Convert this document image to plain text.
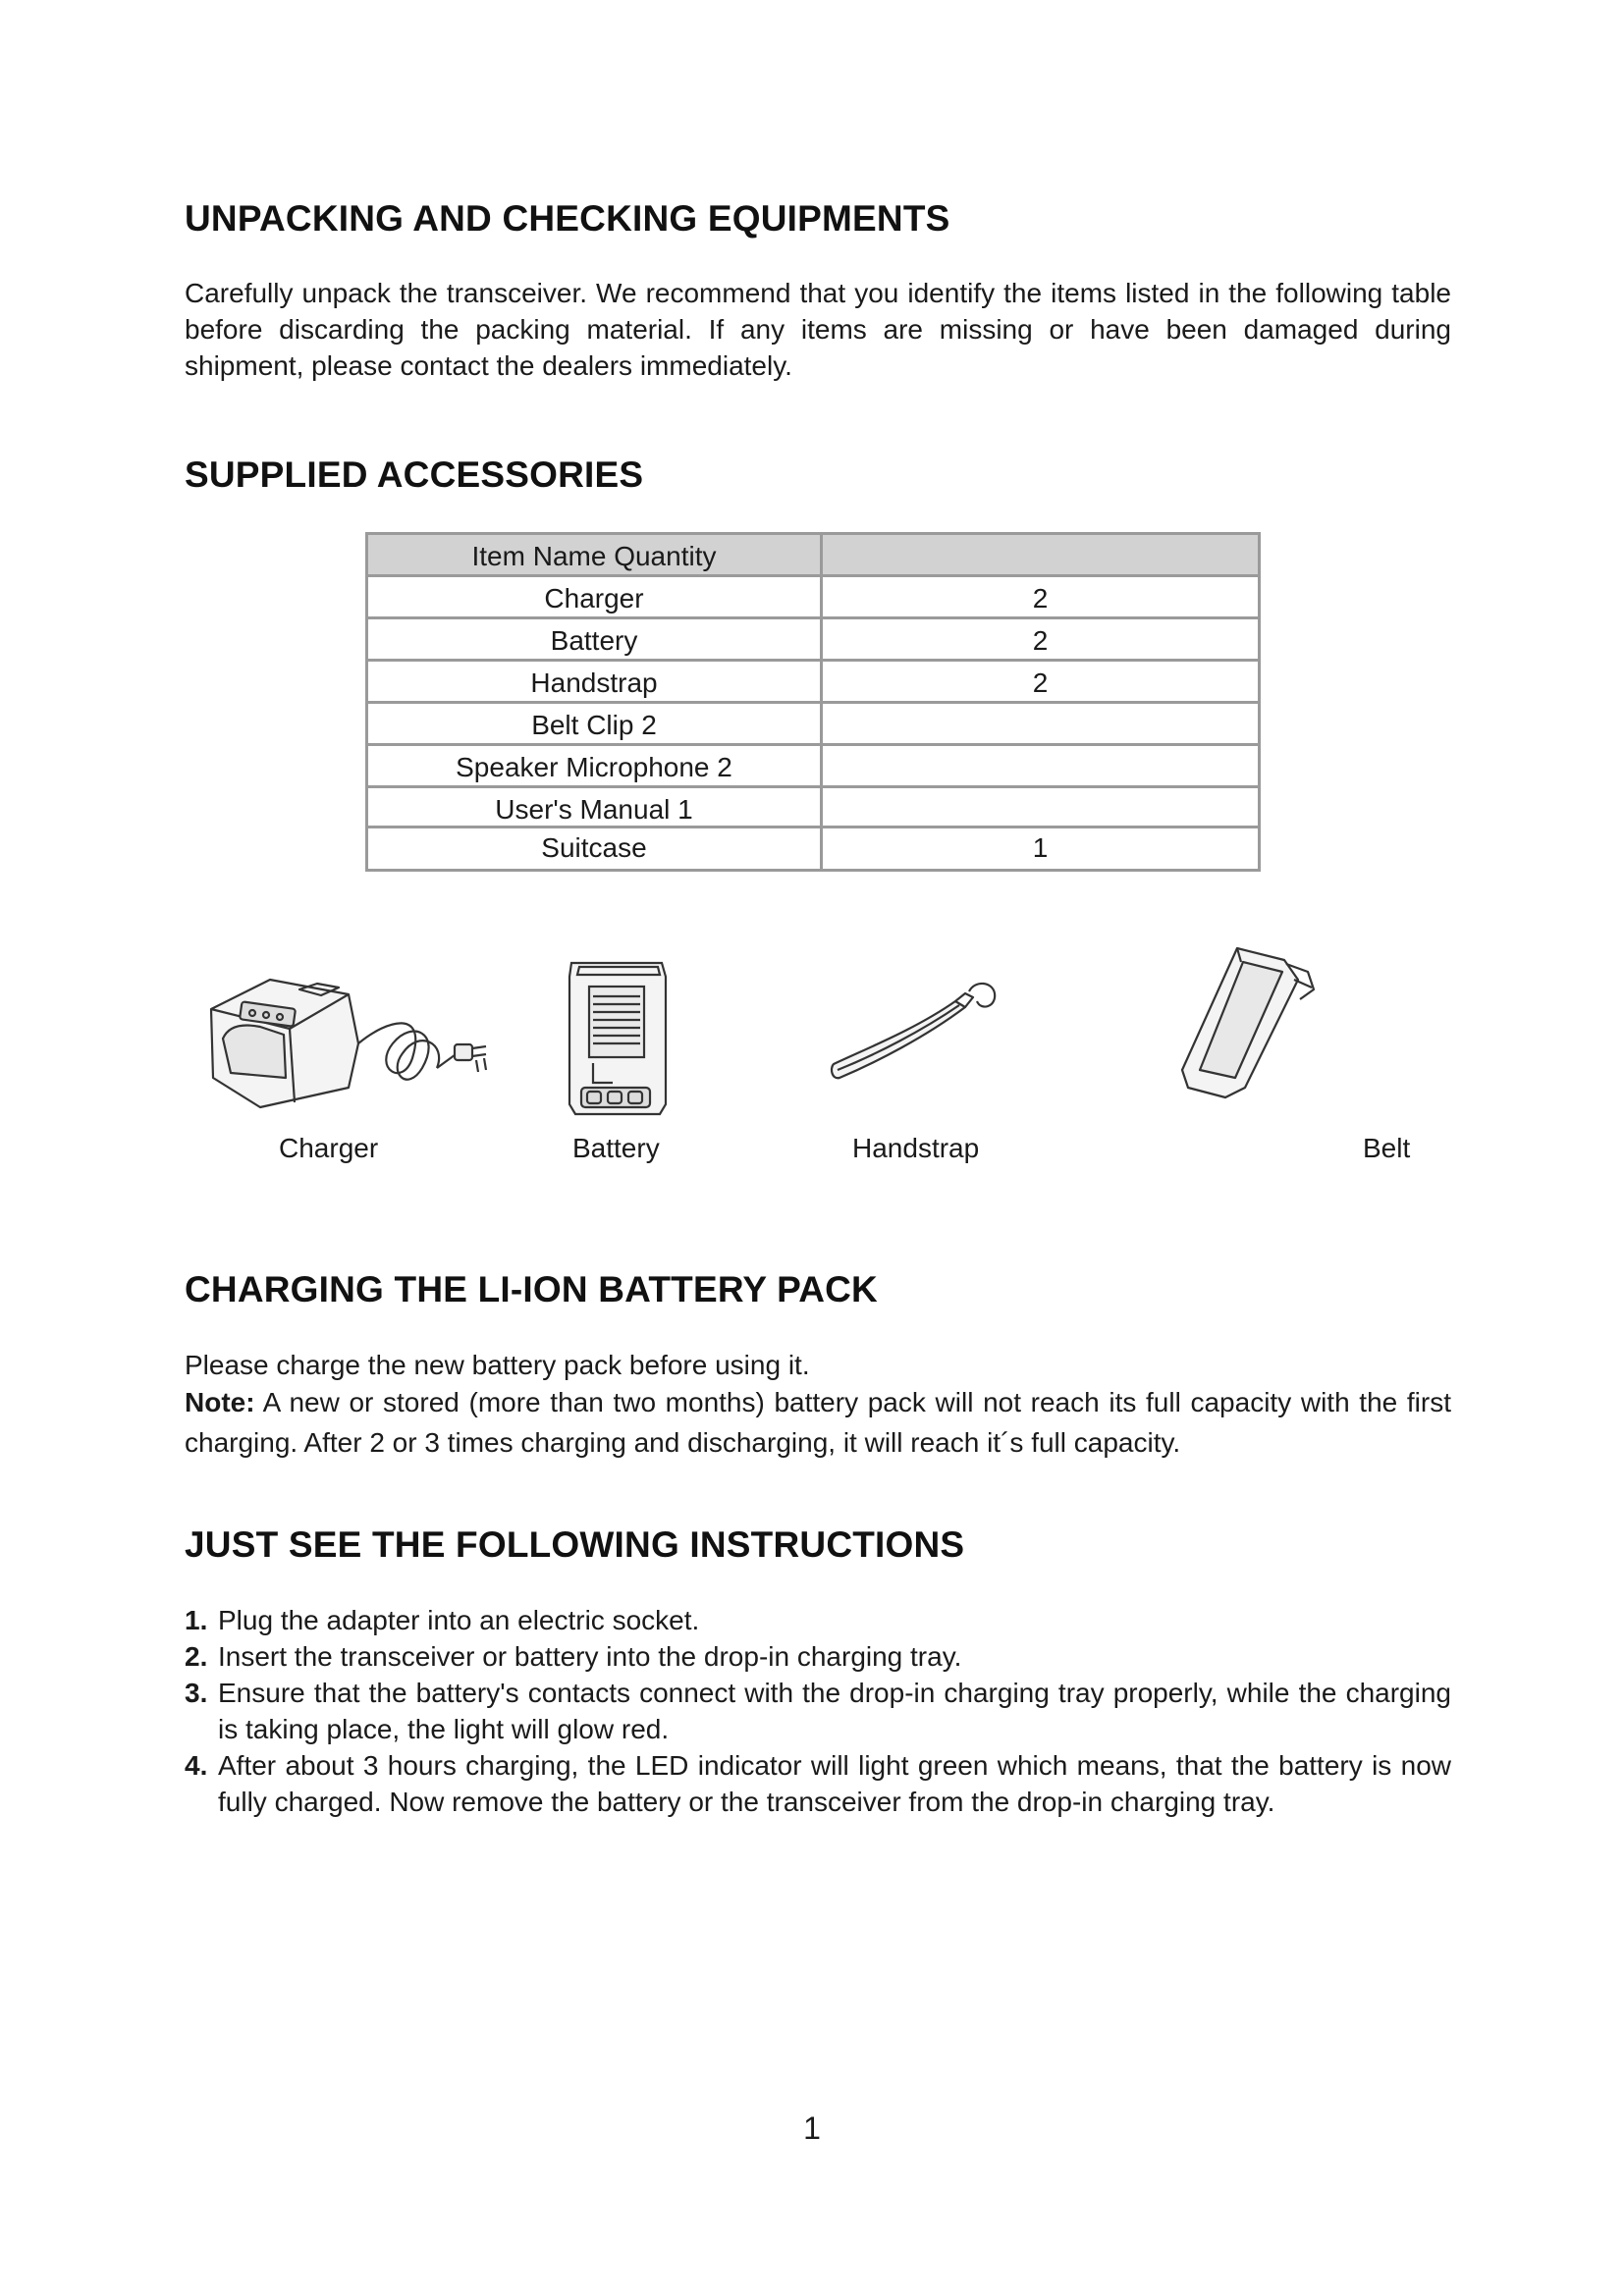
UNPACKING AND CHECKING EQUIPMENTS

Carefully unpack the transceiver. We recommend that you identify the items listed in the following table before discarding the packing material. If any items are missing or have been damaged during shipment, please contact the dealers immediately.

SUPPLIED ACCESSORIES
Item Name Quantity
Charger	2
Battery	2
Handstrap	2
Belt Clip 2
Speaker Microphone 2
User's Manual 1
Suitcase	1
Charger	Battery	Handstrap	Belt
CHARGING THE LI-ION BATTERY PACK

Please charge the new battery pack before using it.

Note: A new or stored (more than two months) battery pack will not reach its full capacity with the first charging. After 2 or 3 times charging and discharging, it will reach it´s full capacity.

JUST SEE THE FOLLOWING INSTRUCTIONS
1. Plug the adapter into an electric socket.
2. Insert the transceiver or battery into the drop-in charging tray.
3. Ensure that the battery's contacts connect with the drop-in charging tray properly, while the charging is taking place, the light will glow red.
4. After about 3 hours charging, the LED indicator will light green which means, that the battery is now fully charged. Now remove the battery or the transceiver from the drop-in charging tray.
1
